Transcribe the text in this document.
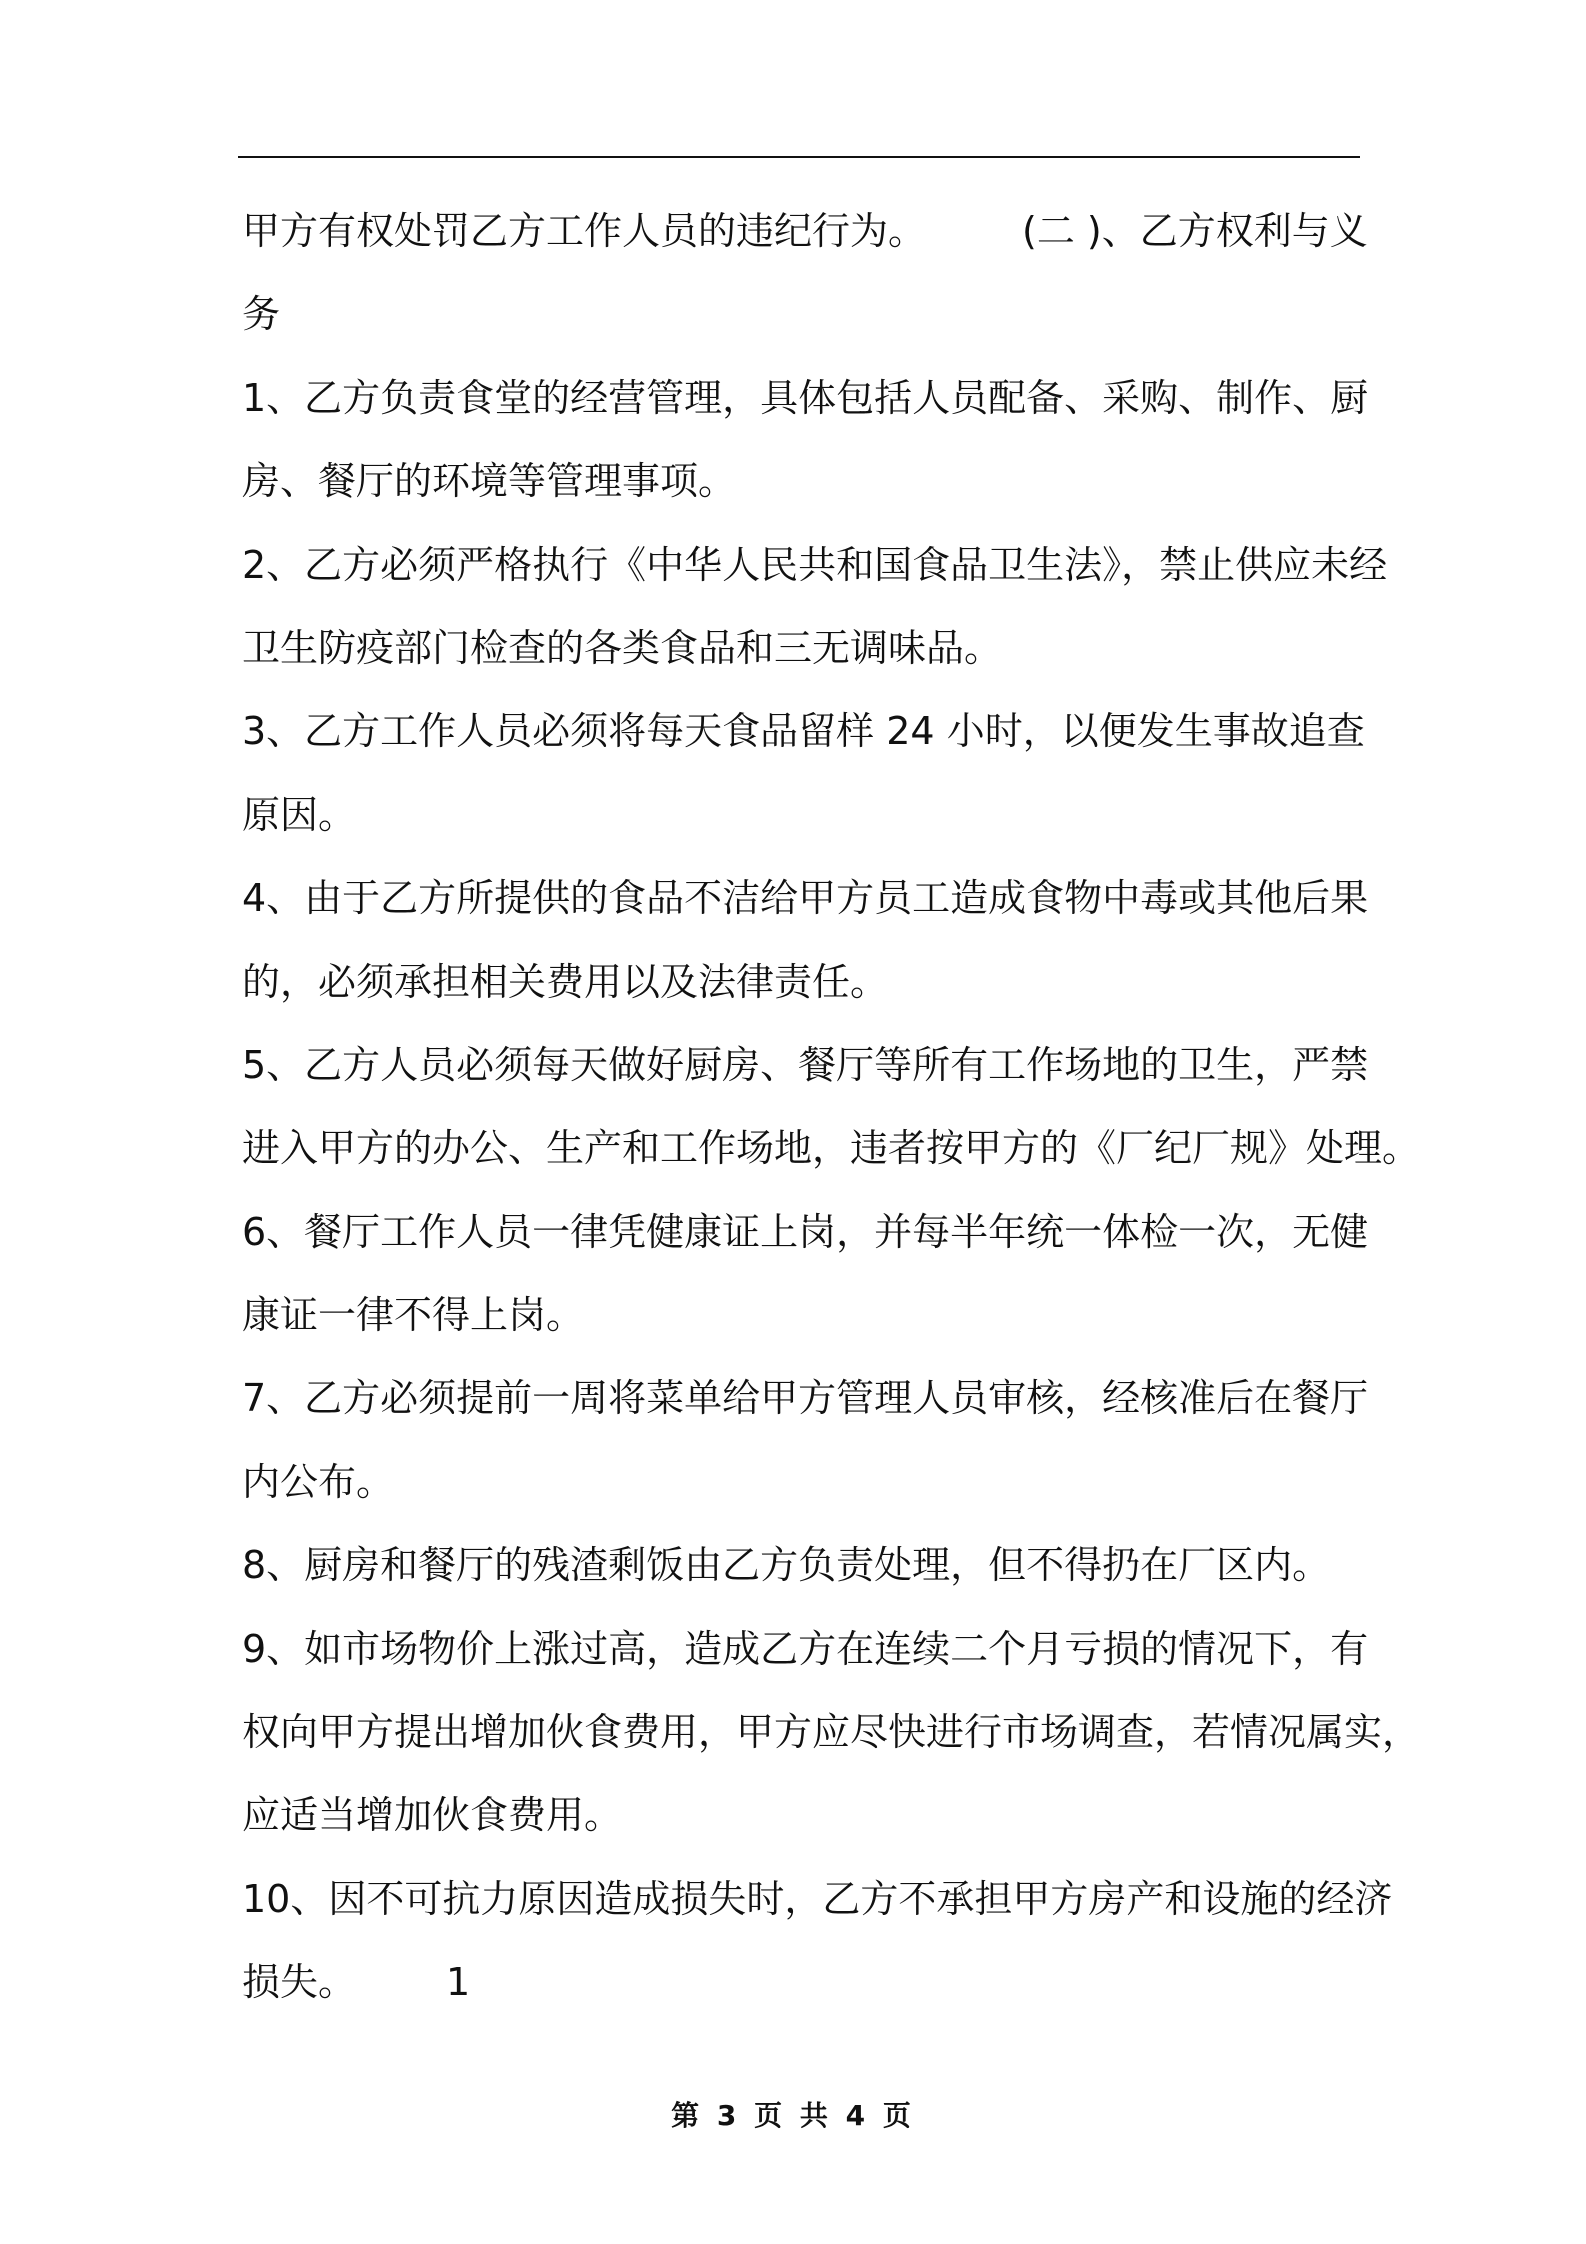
甲方有权处罚乙方工作人员的违纪行为。	(二 )、乙方权利与义
务
1、乙方负责食堂的经营管理，具体包括人员配备、采购、制作、厨
房、餐厅的环境等管理事项。
2、乙方必须严格执行《中华人民共和国食品卫生法》，禁止供应未经
卫生防疫部门检查的各类食品和三无调味品。
3、乙方工作人员必须将每天食品留样 24 小时，以便发生事故追查
原因。
4、由于乙方所提供的食品不洁给甲方员工造成食物中毒或其他后果
的，必须承担相关费用以及法律责任。
5、乙方人员必须每天做好厨房、餐厅等所有工作场地的卫生，严禁
进入甲方的办公、生产和工作场地，违者按甲方的《厂纪厂规》处理。
6、餐厅工作人员一律凭健康证上岗，并每半年统一体检一次，无健
康证一律不得上岗。
7、乙方必须提前一周将菜单给甲方管理人员审核，经核准后在餐厅
内公布。
8、厨房和餐厅的残渣剩饭由乙方负责处理，但不得扔在厂区内。
9、如市场物价上涨过高，造成乙方在连续二个月亏损的情况下，有
权向甲方提出增加伙食费用，甲方应尽快进行市场调查，若情况属实，
应适当增加伙食费用。
10、因不可抗力原因造成损失时，乙方不承担甲方房产和设施的经济
损失。 1
第 3 页 共 4 页
